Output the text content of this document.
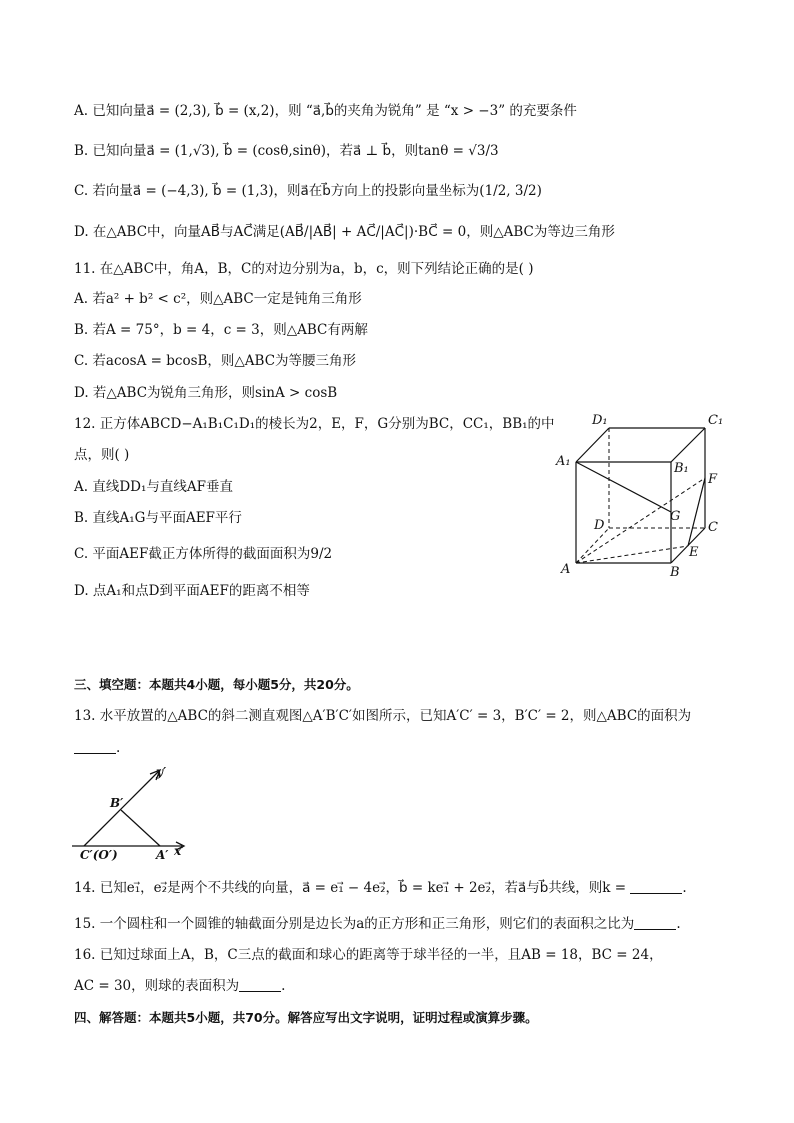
A. 已知向量a⃗ = (2,3), b⃗ = (x,2)，则 “a⃗,b⃗的夹角为锐角” 是 “x > −3” 的充要条件
B. 已知向量a⃗ = (1,√3), b⃗ = (cosθ,sinθ)，若a⃗ ⊥ b⃗，则tanθ = √3/3
C. 若向量a⃗ = (−4,3), b⃗ = (1,3)，则a⃗在b⃗方向上的投影向量坐标为(1/2, 3/2)
D. 在△ABC中，向量AB⃗与AC⃗满足(AB⃗/|AB⃗| + AC⃗/|AC⃗|)·BC⃗ = 0，则△ABC为等边三角形
11. 在△ABC中，角A，B，C的对边分别为a，b，c，则下列结论正确的是( )
A. 若a² + b² < c²，则△ABC一定是钝角三角形
B. 若A = 75°，b = 4，c = 3，则△ABC有两解
C. 若acosA = bcosB，则△ABC为等腰三角形
D. 若△ABC为锐角三角形，则sinA > cosB
12. 正方体ABCD−A₁B₁C₁D₁的棱长为2，E，F，G分别为BC，CC₁，BB₁的中
点，则( )
A. 直线DD₁与直线AF垂直
B. 直线A₁G与平面AEF平行
C. 平面AEF截正方体所得的截面面积为9/2
D. 点A₁和点D到平面AEF的距离不相等
D₁	C₁
A₁	B₁
F
G
D	C
E
A	B
三、填空题：本题共4小题，每小题5分，共20分。
13. 水平放置的△ABC的斜二测直观图△A′B′C′如图所示，已知A′C′ = 3，B′C′ = 2，则△ABC的面积为
.
y′
B′
C′(O′)	A′ x′
14. 已知e₁⃗，e₂⃗是两个不共线的向量，a⃗ = e₁⃗ − 4e₂⃗，b⃗ = ke₁⃗ + 2e₂⃗，若a⃗与b⃗共线，则k =	.
15. 一个圆柱和一个圆锥的轴截面分别是边长为a的正方形和正三角形，则它们的表面积之比为	.
16. 已知过球面上A，B，C三点的截面和球心的距离等于球半径的一半，且AB = 18，BC = 24，
AC = 30，则球的表面积为	.
四、解答题：本题共5小题，共70分。解答应写出文字说明，证明过程或演算步骤。
